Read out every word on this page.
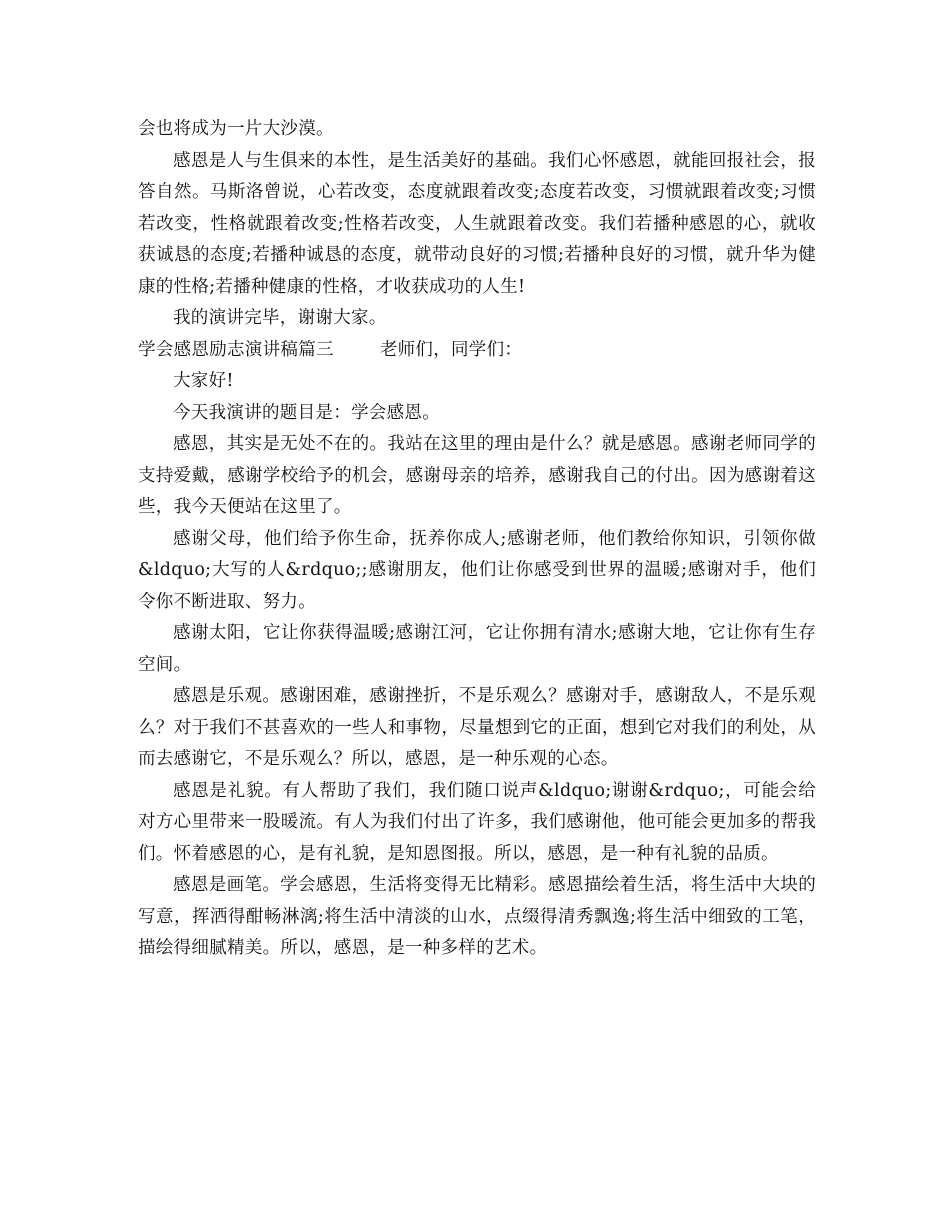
会也将成为一片大沙漠。

感恩是人与生俱来的本性，是生活美好的基础。我们心怀感恩，就能回报社会，报答自然。马斯洛曾说，心若改变，态度就跟着改变;态度若改变，习惯就跟着改变;习惯若改变，性格就跟着改变;性格若改变，人生就跟着改变。我们若播种感恩的心，就收获诚恳的态度;若播种诚恳的态度，就带动良好的习惯;若播种良好的习惯，就升华为健康的性格;若播种健康的性格，才收获成功的人生!

我的演讲完毕，谢谢大家。

学会感恩励志演讲稿篇三	老师们，同学们：

大家好!

今天我演讲的题目是：学会感恩。

感恩，其实是无处不在的。我站在这里的理由是什么？就是感恩。感谢老师同学的支持爱戴，感谢学校给予的机会，感谢母亲的培养，感谢我自己的付出。因为感谢着这些，我今天便站在这里了。

感谢父母，他们给予你生命，抚养你成人;感谢老师，他们教给你知识，引领你做&ldquo;大写的人&rdquo;;感谢朋友，他们让你感受到世界的温暖;感谢对手，他们令你不断进取、努力。

感谢太阳，它让你获得温暖;感谢江河，它让你拥有清水;感谢大地，它让你有生存空间。

感恩是乐观。感谢困难，感谢挫折，不是乐观么？感谢对手，感谢敌人，不是乐观么？对于我们不甚喜欢的一些人和事物，尽量想到它的正面，想到它对我们的利处，从而去感谢它，不是乐观么？所以，感恩，是一种乐观的心态。

感恩是礼貌。有人帮助了我们，我们随口说声&ldquo;谢谢&rdquo;，可能会给对方心里带来一股暖流。有人为我们付出了许多，我们感谢他，他可能会更加多的帮我们。怀着感恩的心，是有礼貌，是知恩图报。所以，感恩，是一种有礼貌的品质。

感恩是画笔。学会感恩，生活将变得无比精彩。感恩描绘着生活，将生活中大块的写意，挥洒得酣畅淋漓;将生活中清淡的山水，点缀得清秀飘逸;将生活中细致的工笔，描绘得细腻精美。所以，感恩，是一种多样的艺术。
